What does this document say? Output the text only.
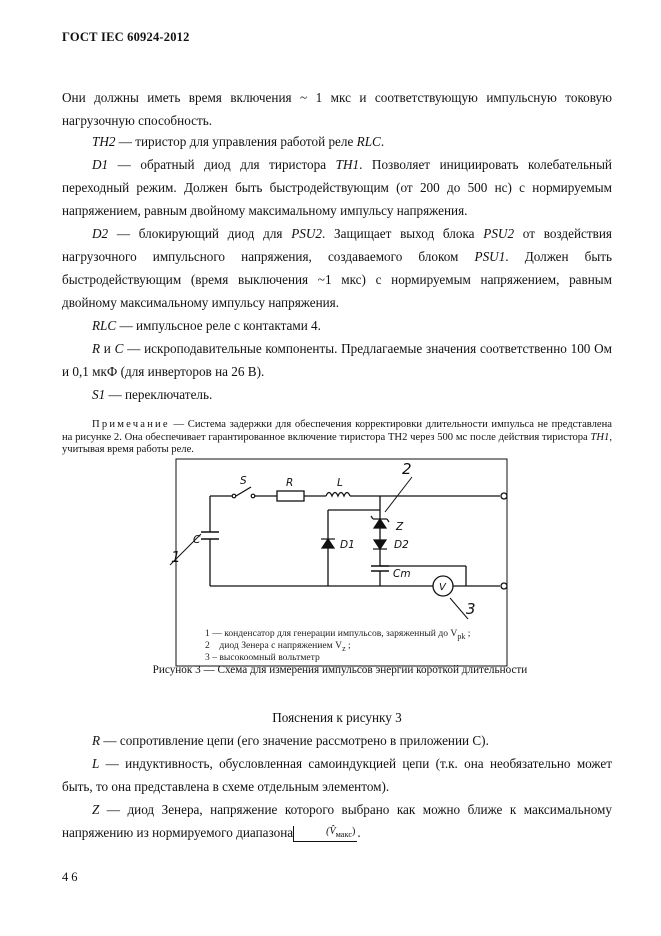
ГОСТ IEC 60924-2012

Они должны иметь время включения ~ 1 мкс и соответствующую импульсную токовую нагрузочную способность.

TH2 — тиристор для управления работой реле RLC.

D1 — обратный диод для тиристора TH1. Позволяет инициировать колебательный переходный режим. Должен быть быстродействующим (от 200 до 500 нс) с нормируемым напряжением, равным двойному максимальному импульсу напряжения.

D2 — блокирующий диод для PSU2. Защищает выход блока PSU2 от воздействия нагрузочного импульсного напряжения, создаваемого блоком PSU1. Должен быть быстродействующим (время выключения ~1 мкс) с нормируемым напряжением, равным двойному максимальному импульсу напряжения.

RLC — импульсное реле с контактами 4.

R и C — искроподавительные компоненты. Предлагаемые значения соответственно 100 Ом и 0,1 мкФ (для инверторов на 26 В).

S1 — переключатель.

Примечание — Система задержки для обеспечения корректировки длительности импульса не представлена на рисунке 2. Она обеспечивает гарантированное включение тиристора ТН2 через 500 мс после действия тиристора TH1, учитывая время работы реле.

S	R	L
C
Z
D1	D2
Cm
V
1
2
3
1 — конденсатор для генерации импульсов, заряженный до $V_{pk}$ ;
2    диод Зенера с напряжением $V_z$ ;
3 – высокоомный вольтметр
Рисунок 3 — Схема для измерения импульсов энергии короткой длительности
Пояснения к рисунку 3

R — сопротивление цепи (его значение рассмотрено в приложении С).

L — индуктивность, обусловленная самоиндукцией цепи (т.к. она необязательно может быть, то она представлена в схеме отдельным элементом).

Z — диод Зенера, напряжение которого выбрано как можно ближе к максимальному напряжению из нормируемого диапазона	$(V̂_{макс})$ .

46
